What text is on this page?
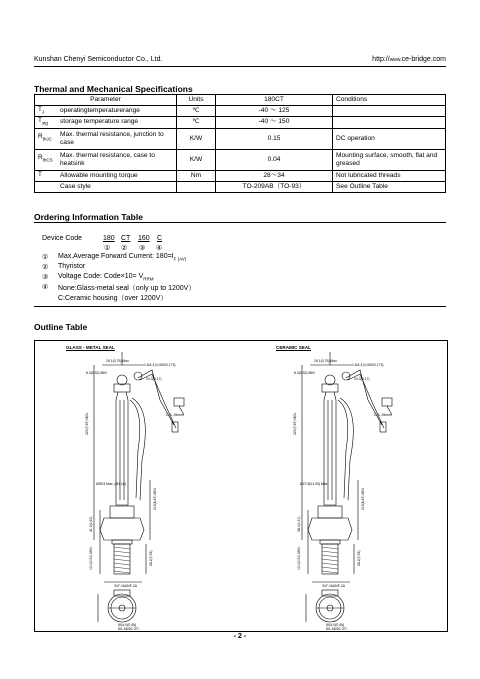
Kunshan Chenyi Semiconductor Co., Ltd.	http://www.ce-bridge.com
Thermal and Mechanical Specifications
Parameter		Units	180CT	Conditions
$T_J$	operatingtemperaturerange	℃	-40 ～ 125	
$T_{stg}$	storage temperature range	℃	-40 ～ 150	
$R_{thJC}$	Max. thermal resistance, junction to case	K/W	0.15	DC operation
$R_{thCS}$	Max. thermal resistance, case to heatsink	K/W	0.04	Mounting surface, smooth, flat and greased
T	Allowable mounting torque	Nm	28～34	Not lubricated threads
	Case style		TO-209AB（TO-93）	See Outline Table
Ordering Information Table
Device Code	180 CT 160 C
① ② ③ ④
① Max.Average Forward Current: $180=I_{F (AV)}$
② Thyristor
③ Voltage Code: Code×10= $V_{RRM}$
④ None:Glass-metal seal（only up to 1200V）
C:Ceramic housing（over 1200V）
Outline Table
GLASS - METAL SEAL	CERAMIC SEAL
19.1(0.75) Max.
1.6/4.4 (0.063/0.173)
8.3(0.33) MIN
24.3(0.17)
C.S. 25mm²
Ø28.5 Max. (Ø1.16)
220(7.87) MIN.
215(8.47) MIN.
41.3(1.62)
13.0(0.51) MIN.	28.2(0.78)
3/4"-16UNF-2A
Ø14.0(0.45)
Ø1.34(Ø1.37)
19.1(0.75) Max.
1.6/4.4 (0.063/0.173)
8.3(0.33) MIN
24.3(0.17)
C.S. 25mm²
Ø27.9(01.09) Max.
220(7.87) MIN.
215(8.47) MIN.
38.0(1.51)
13.0(0.51) MIN.	28.2(0.78)
3/4"-16UNF-2A
Ø14.0(0.45)
Ø1.34(Ø1.37)
- 2 -
